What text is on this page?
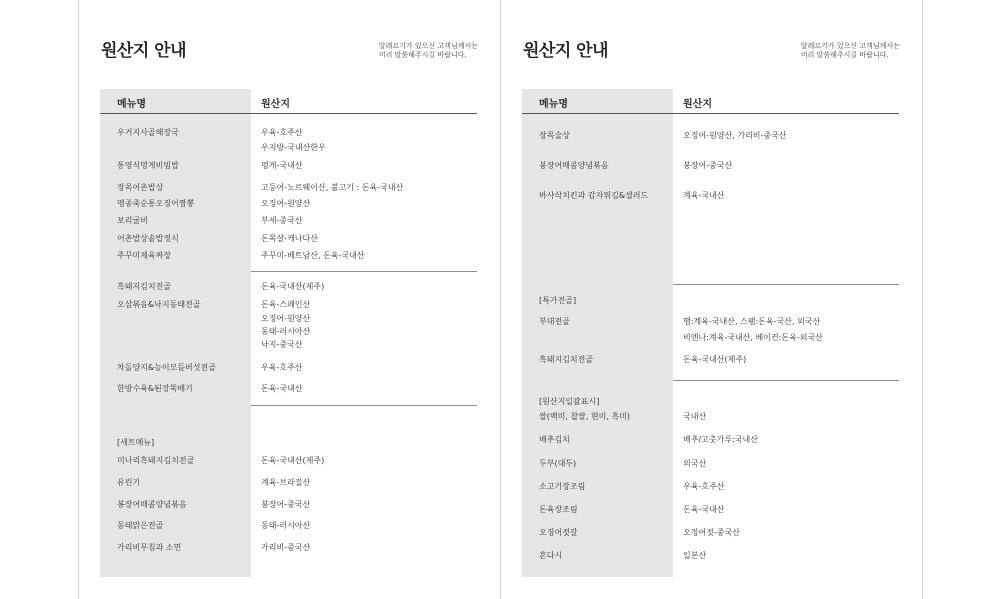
원산지 안내	알레르기가 있으신 고객님께서는
미리 말씀해주시길 바랍니다.
메뉴명	원산지
우거지사골해장국	우육-호주산
우지방-국내산한우
통영식멍게비빔밥	멍게-국내산
장목어촌밥상	고등어-노르웨이산, 불고기 : 돈육-국내산
맹종죽순통오징어짬뽕	오징어-원양산
보리굴비	부세-중국산
어촌밥상솥밥정식	돈목살-캐나다산
주꾸미제육짜장	주꾸미-베트남산, 돈육-국내산
흑돼지김치전골	돈육-국내산(제주)
오삼볶음&낙지동태전골	돈육-스페인산
오징어-원양산
동태-러시아산
낙지-중국산
차돌양지&능이모듬버섯전골	우육-호주산
한방수육&된장뚝배기	돈육-국내산
[세트메뉴]
미나리흑돼지김치전골	돈육-국내산(제주)
유린기	계육-브라질산
봉장어매콤양념볶음	붕장어-중국산
동태맑은전골	동태-러시아산
가리비무침과 소면	가리비-중국산
원산지 안내	알레르기가 있으신 고객님께서는
미리 말씀해주시길 바랍니다.
메뉴명	원산지
장목술상	오징어-원양산, 가리비-중국산
붕장어매콤양념볶음	붕장어-중국산
바사삭치킨과 감자튀김&샐러드	계육-국내산
[특가전골]
부대전골	햄:계육-국내산, 스팸:돈육-국산, 외국산
비엔나:계육-국내산, 베이컨:돈육-외국산
흑돼지김치전골	돈육-국내산(제주)
[원산지일괄표시]
쌀(백미, 찹쌀, 현미, 흑미)	국내산
배추김치	배추/고춧가루:국내산
두부(대두)	외국산
소고기장조림	우육-호주산
돈육장조림	돈육-국내산
오징어젓갈	오징어젓-중국산
혼다시	일본산
